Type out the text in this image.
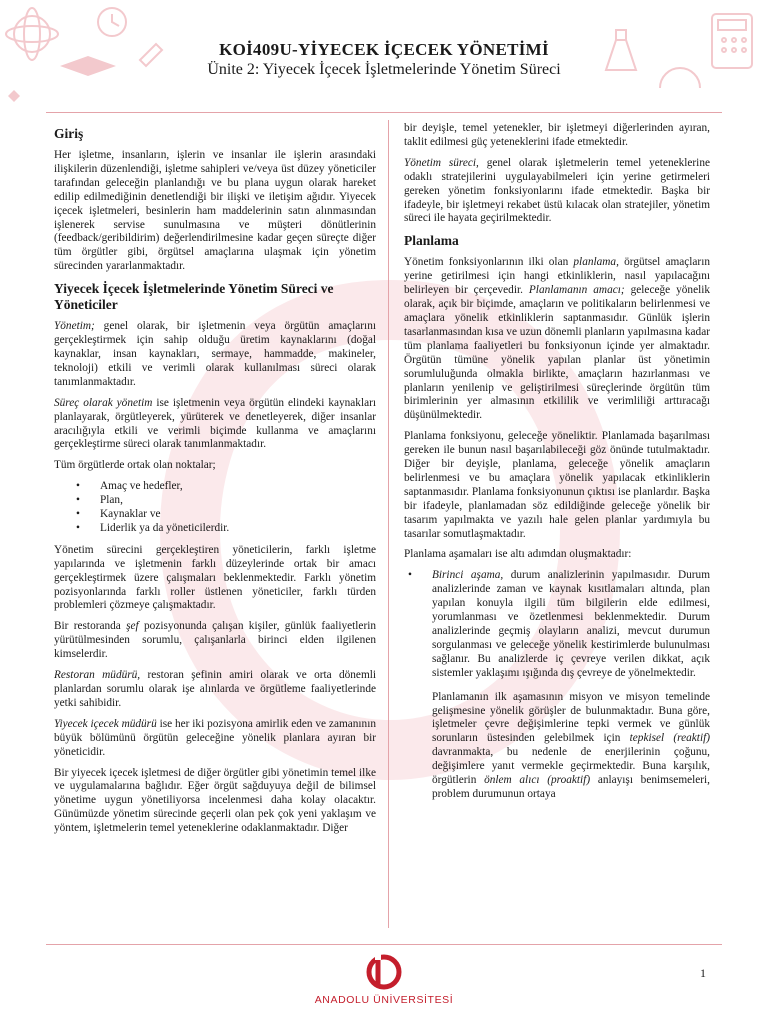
KOİ409U-YİYECEK İÇECEK YÖNETİMİ
Ünite 2: Yiyecek İçecek İşletmelerinde Yönetim Süreci
Giriş

Her işletme, insanların, işlerin ve insanlar ile işlerin arasındaki ilişkilerin düzenlendiği, işletme sahipleri ve/veya üst düzey yöneticiler tarafından geleceğin planlandığı ve bu plana uygun olarak hareket edilip edilmediğinin denetlendiği bir ilişki ve iletişim ağıdır. Yiyecek içecek işletmeleri, besinlerin ham maddelerinin satın alınmasından işlenerek servise sunulmasına ve müşteri dönütlerinin (feedback/geribildirim) değerlendirilmesine kadar geçen süreçte diğer tüm örgütler gibi, örgütsel amaçlarına ulaşmak için yönetim sürecinden yararlanmaktadır.

Yiyecek İçecek İşletmelerinde Yönetim Süreci ve Yöneticiler

Yönetim; genel olarak, bir işletmenin veya örgütün amaçlarını gerçekleştirmek için sahip olduğu üretim kaynaklarını (doğal kaynaklar, insan kaynakları, sermaye, hammadde, makineler, teknoloji) etkili ve verimli olarak kullanılması süreci olarak tanımlanmaktadır.

Süreç olarak yönetim ise işletmenin veya örgütün elindeki kaynakları planlayarak, örgütleyerek, yürüterek ve denetleyerek, diğer insanlar aracılığıyla etkili ve verimli biçimde kullanma ve amaçlarını gerçekleştirme süreci olarak tanımlanmaktadır.

Tüm örgütlerde ortak olan noktalar;

• Amaç ve hedefler,
• Plan,
• Kaynaklar ve
• Liderlik ya da yöneticilerdir.

Yönetim sürecini gerçekleştiren yöneticilerin, farklı işletme yapılarında ve işletmenin farklı düzeylerinde ortak bir amacı gerçekleştirmek üzere çalışmaları beklenmektedir. Farklı yönetim pozisyonlarında farklı roller üstlenen yöneticiler, farklı türden problemleri çözmeye çalışmaktadır.

Bir restoranda şef pozisyonunda çalışan kişiler, günlük faaliyetlerin yürütülmesinden sorumlu, çalışanlarla birinci elden ilgilenen kimselerdir.

Restoran müdürü, restoran şefinin amiri olarak ve orta dönemli planlardan sorumlu olarak işe alınlarda ve örgütleme faaliyetlerinde yetki sahibidir.

Yiyecek içecek müdürü ise her iki pozisyona amirlik eden ve zamanının büyük bölümünü örgütün geleceğine yönelik planlara ayıran bir yöneticidir.

Bir yiyecek içecek işletmesi de diğer örgütler gibi yönetimin temel ilke ve uygulamalarına bağlıdır. Eğer örgüt sağduyuya değil de bilimsel yönetime uygun yönetiliyorsa incelenmesi daha kolay olacaktır. Günümüzde yönetim sürecinde geçerli olan pek çok yeni yaklaşım ve yöntem, işletmelerin temel yeteneklerine odaklanmaktadır. Diğer

bir deyişle, temel yetenekler, bir işletmeyi diğerlerinden ayıran, taklit edilmesi güç yeteneklerini ifade etmektedir.

Yönetim süreci, genel olarak işletmelerin temel yeteneklerine odaklı stratejilerini uygulayabilmeleri için yerine getirmeleri gereken yönetim fonksiyonlarını ifade etmektedir. Başka bir ifadeyle, bir işletmeyi rekabet üstü kılacak olan stratejiler, yönetim süreci ile hayata geçirilmektedir.

Planlama

Yönetim fonksiyonlarının ilki olan planlama, örgütsel amaçların yerine getirilmesi için hangi etkinliklerin, nasıl yapılacağını belirleyen bir çerçevedir. Planlamanın amacı; geleceğe yönelik olarak, açık bir biçimde, amaçların ve politikaların belirlenmesi ve amaçlara yönelik etkinliklerin saptanmasıdır. Günlük işlerin tasarlanmasından kısa ve uzun dönemli planların yapılmasına kadar tüm planlama faaliyetleri bu fonksiyonun içinde yer almaktadır. Örgütün tümüne yönelik yapılan planlar üst yönetimin sorumluluğunda olmakla birlikte, amaçların hazırlanması ve planların yenilenip ve geliştirilmesi süreçlerinde örgütün tüm birimlerinin yer almasının etkililik ve verimliliği arttıracağı düşünülmektedir.

Planlama fonksiyonu, geleceğe yöneliktir. Planlamada başarılması gereken ile bunun nasıl başarılabileceği göz önünde tutulmaktadır. Diğer bir deyişle, planlama, geleceğe yönelik amaçların belirlenmesi ve bu amaçlara yönelik yapılacak etkinliklerin saptanmasıdır. Planlama fonksiyonunun çıktısı ise planlardır. Başka bir ifadeyle, planlamadan söz edildiğinde geleceğe yönelik bir tasarım yapılmakta ve yazılı hale gelen planlar yardımıyla bu tasarılar somutlaşmaktadır.

Planlama aşamaları ise altı adımdan oluşmaktadır:

• Birinci aşama, durum analizlerinin yapılmasıdır. Durum analizlerinde zaman ve kaynak kısıtlamaları altında, plan yapılan konuyla ilgili tüm bilgilerin elde edilmesi, yorumlanması ve özetlenmesi beklenmektedir. Durum analizlerinde geçmiş olayların analizi, mevcut durumun sorgulanması ve geleceğe yönelik kestirimlerde bulunulması sağlanır. Bu analizlerde iç çevreye verilen dikkat, açık sistemler yaklaşımı ışığında dış çevreye de yönelmektedir.

Planlamanın ilk aşamasının misyon ve misyon temelinde gelişmesine yönelik görüşler de bulunmaktadır. Buna göre, işletmeler çevre değişimlerine tepki vermek ve günlük sorunların üstesinden gelebilmek için tepkisel (reaktif) davranmakta, bu nedenle de enerjilerinin çoğunu, değişimlere yanıt vermekle geçirmektedir. Buna karşılık, örgütlerin önlem alıcı (proaktif) anlayışı benimsemeleri, problem durumunun ortaya

ANADOLU ÜNİVERSİTESİ
1
